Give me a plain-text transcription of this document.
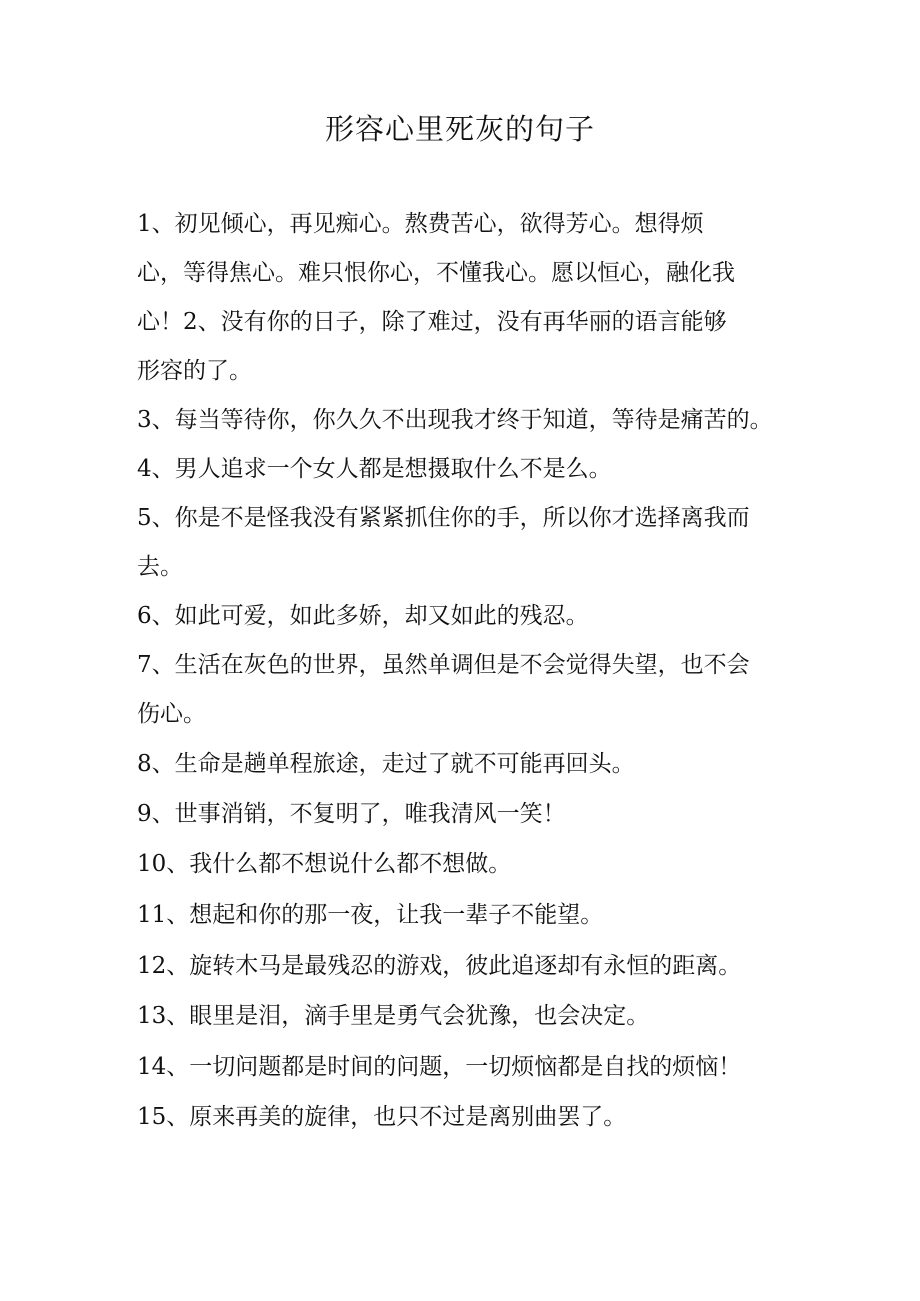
形容心里死灰的句子

1、初见倾心，再见痴心。熬费苦心，欲得芳心。想得烦
心，等得焦心。难只恨你心，不懂我心。愿以恒心，融化我
心！2、没有你的日子，除了难过，没有再华丽的语言能够
形容的了。

3、每当等待你，你久久不出现我才终于知道，等待是痛苦的。

4、男人追求一个女人都是想摄取什么不是么。

5、你是不是怪我没有紧紧抓住你的手，所以你才选择离我而
去。

6、如此可爱，如此多娇，却又如此的残忍。

7、生活在灰色的世界，虽然单调但是不会觉得失望，也不会
伤心。

8、生命是趟单程旅途，走过了就不可能再回头。

9、世事消销，不复明了，唯我清风一笑！

10、我什么都不想说什么都不想做。

11、想起和你的那一夜，让我一辈子不能望。

12、旋转木马是最残忍的游戏，彼此追逐却有永恒的距离。

13、眼里是泪，滴手里是勇气会犹豫，也会决定。

14、一切问题都是时间的问题，一切烦恼都是自找的烦恼！

15、原来再美的旋律，也只不过是离别曲罢了。
